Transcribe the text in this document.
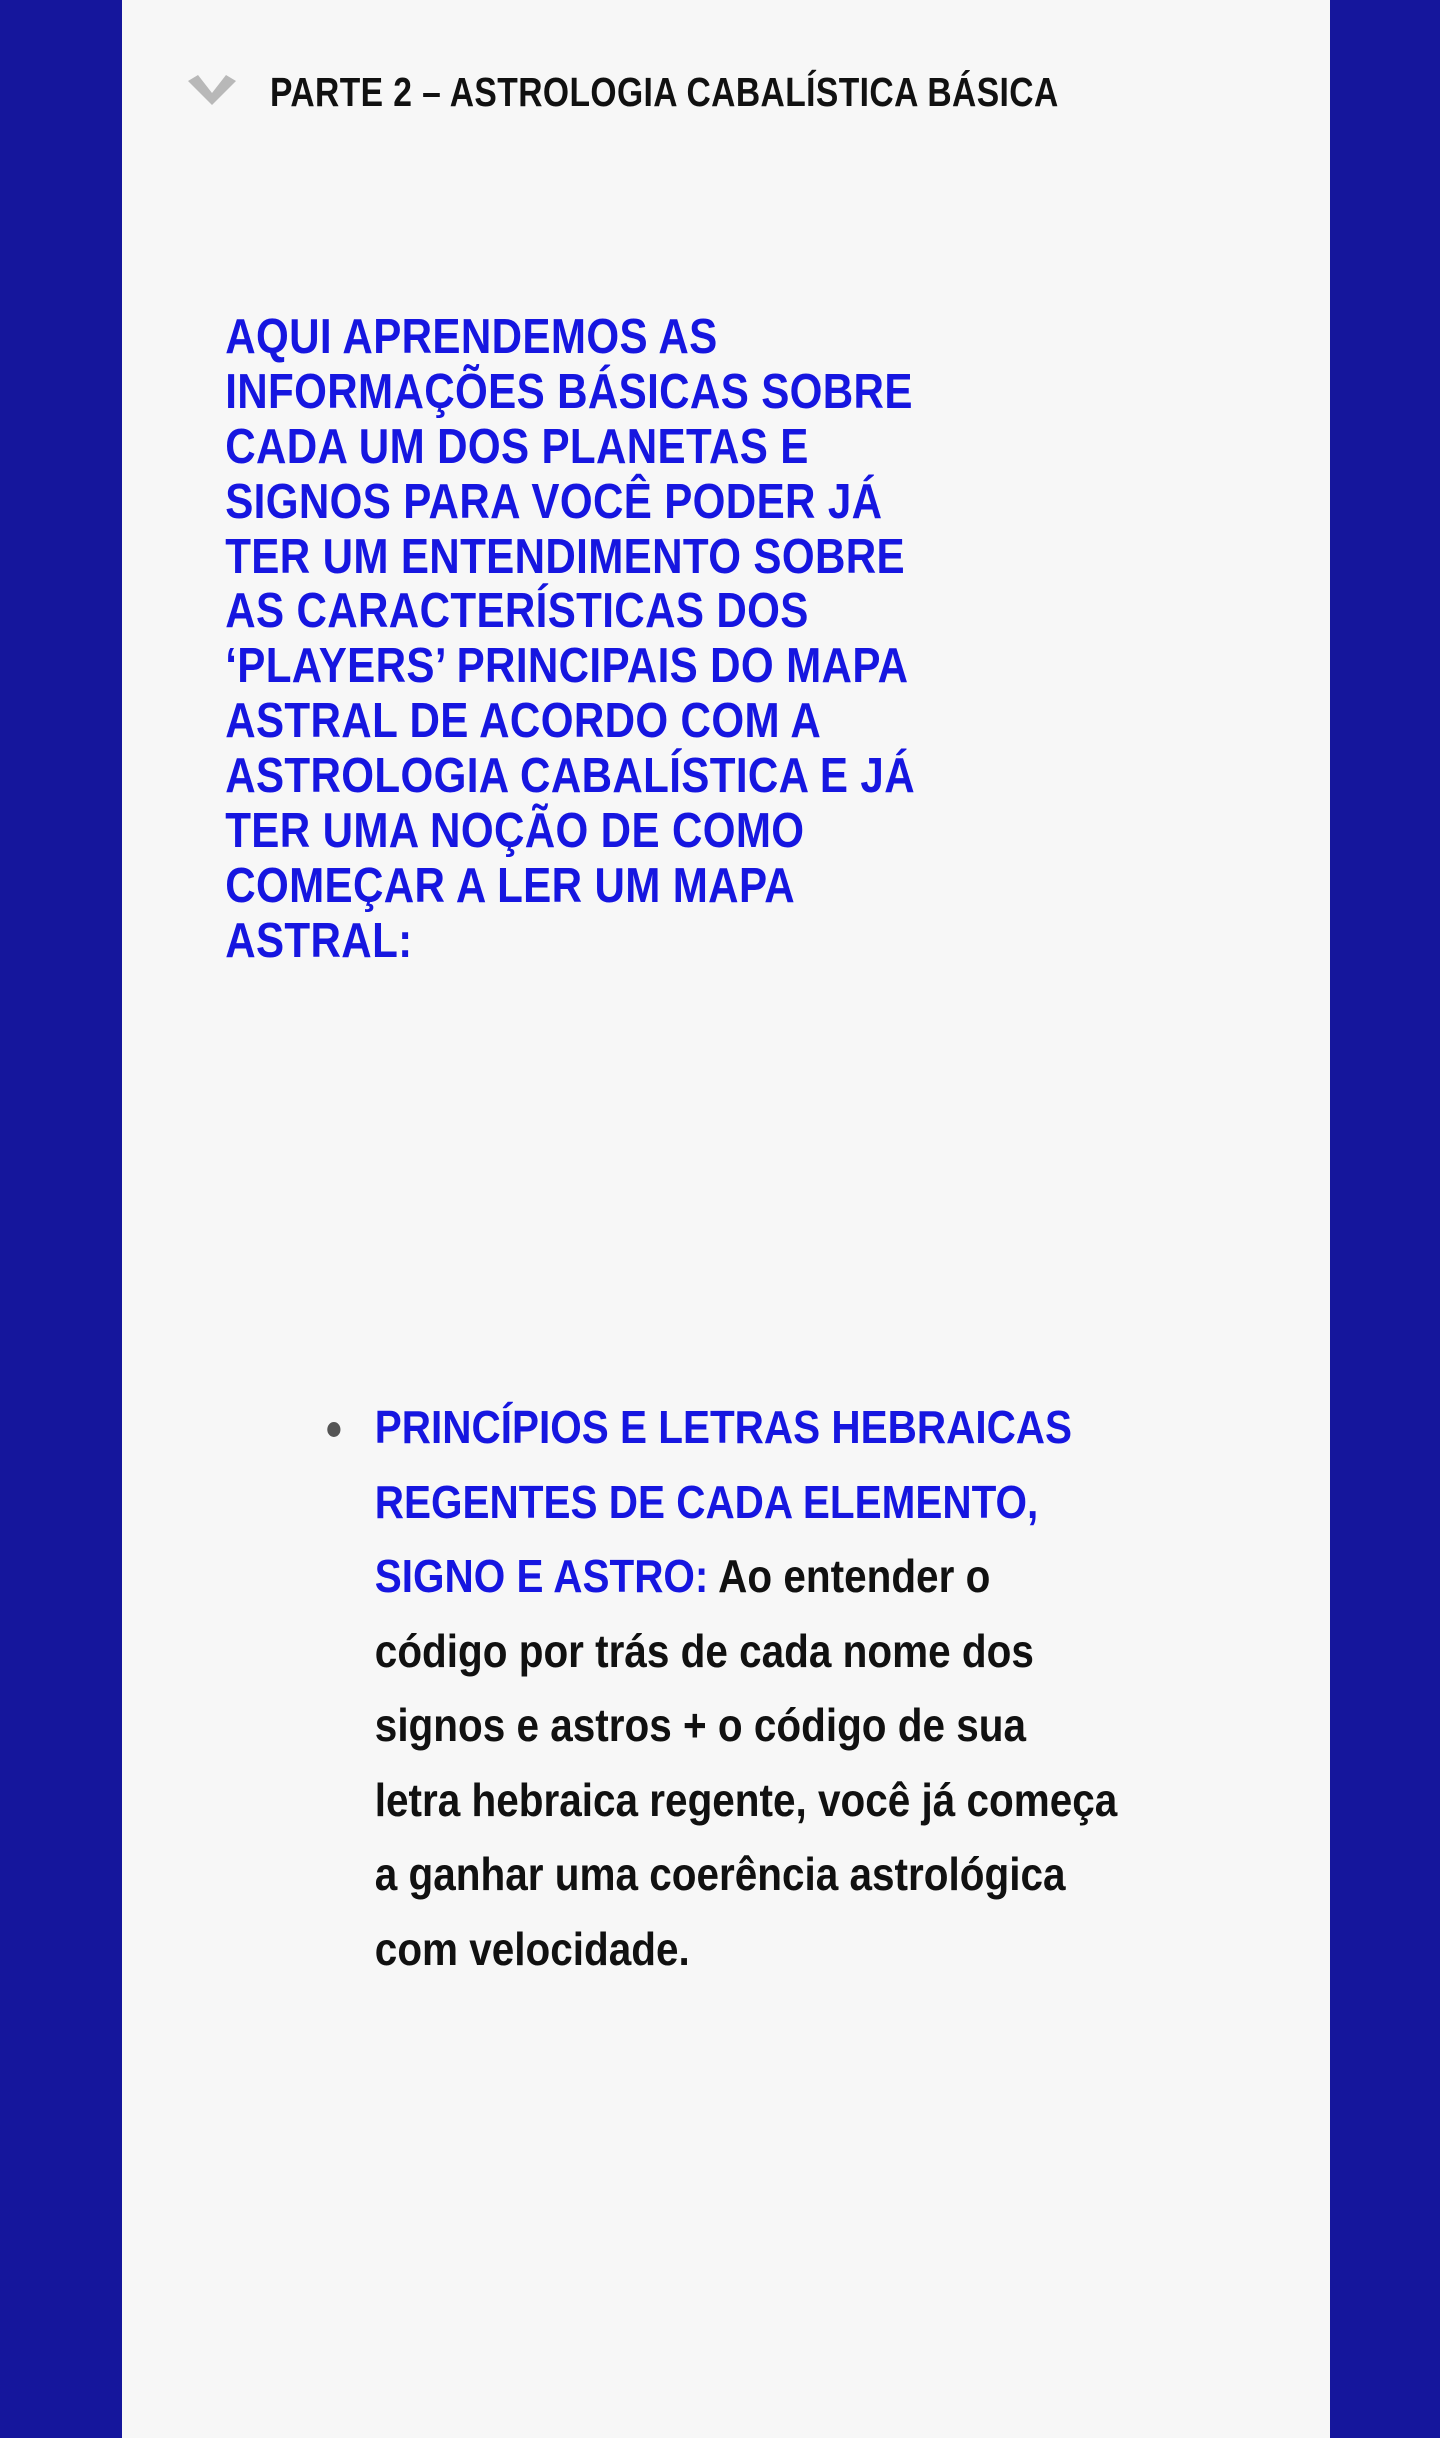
PARTE 2 – ASTROLOGIA CABALÍSTICA BÁSICA
AQUI APRENDEMOS AS INFORMAÇÕES BÁSICAS SOBRE CADA UM DOS PLANETAS E SIGNOS PARA VOCÊ PODER JÁ TER UM ENTENDIMENTO SOBRE AS CARACTERÍSTICAS DOS ‘PLAYERS’ PRINCIPAIS DO MAPA ASTRAL DE ACORDO COM A ASTROLOGIA CABALÍSTICA E JÁ TER UMA NOÇÃO DE COMO COMEÇAR A LER UM MAPA ASTRAL:
PRINCÍPIOS E LETRAS HEBRAICAS REGENTES DE CADA ELEMENTO, SIGNO E ASTRO: Ao entender o código por trás de cada nome dos signos e astros + o código de sua letra hebraica regente, você já começa a ganhar uma coerência astrológica com velocidade.
